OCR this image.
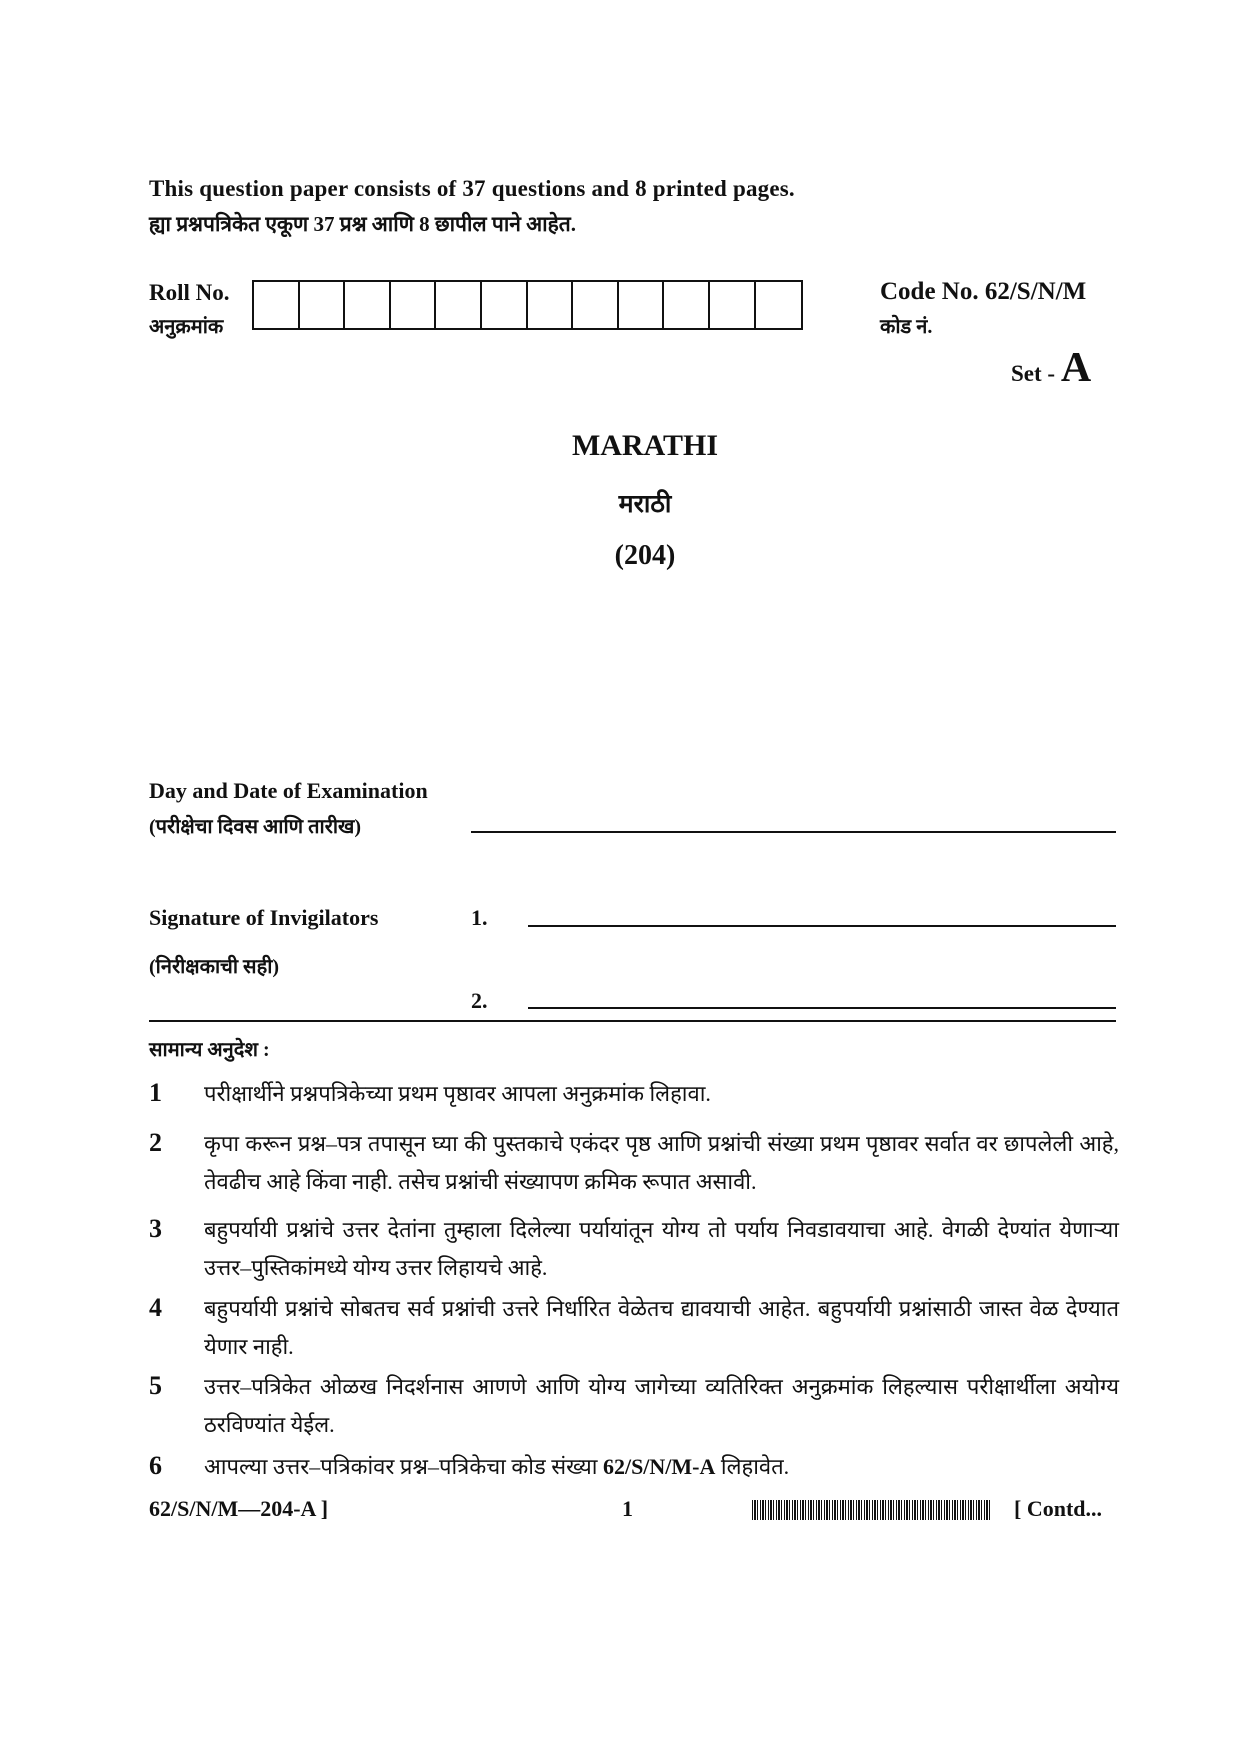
This question paper consists of 37 questions and 8 printed pages.
ह्या प्रश्नपत्रिकेत एकूण 37 प्रश्न आणि 8 छापील पाने आहेत.
Roll No.
अनुक्रमांक
Code No. 62/S/N/M
कोड नं.
Set - A
MARATHI
मराठी
(204)
Day and Date of Examination
(परीक्षेचा दिवस आणि तारीख)
Signature of Invigilators
(निरीक्षकाची सही)
1.
2.
सामान्य अनुदेश :
1 परीक्षार्थीने प्रश्नपत्रिकेच्या प्रथम पृष्ठावर आपला अनुक्रमांक लिहावा.
2 कृपा करून प्रश्न–पत्र तपासून घ्या की पुस्तकाचे एकंदर पृष्ठ आणि प्रश्नांची संख्या प्रथम पृष्ठावर सर्वात वर छापलेली आहे, तेवढीच आहे किंवा नाही. तसेच प्रश्नांची संख्यापण क्रमिक रूपात असावी.
3 बहुपर्यायी प्रश्नांचे उत्तर देतांना तुम्हाला दिलेल्या पर्यायांतून योग्य तो पर्याय निवडावयाचा आहे. वेगळी देण्यांत येणाऱ्या उत्तर–पुस्तिकांमध्ये योग्य उत्तर लिहायचे आहे.
4 बहुपर्यायी प्रश्नांचे सोबतच सर्व प्रश्नांची उत्तरे निर्धारित वेळेतच द्यावयाची आहेत. बहुपर्यायी प्रश्नांसाठी जास्त वेळ देण्यात येणार नाही.
5 उत्तर–पत्रिकेत ओळख निदर्शनास आणणे आणि योग्य जागेच्या व्यतिरिक्त अनुक्रमांक लिहल्यास परीक्षार्थीला अयोग्य ठरविण्यांत येईल.
6 आपल्या उत्तर–पत्रिकांवर प्रश्न–पत्रिकेचा कोड संख्या 62/S/N/M-A लिहावेत.
62/S/N/M—204-A ]	1	[ Contd...
